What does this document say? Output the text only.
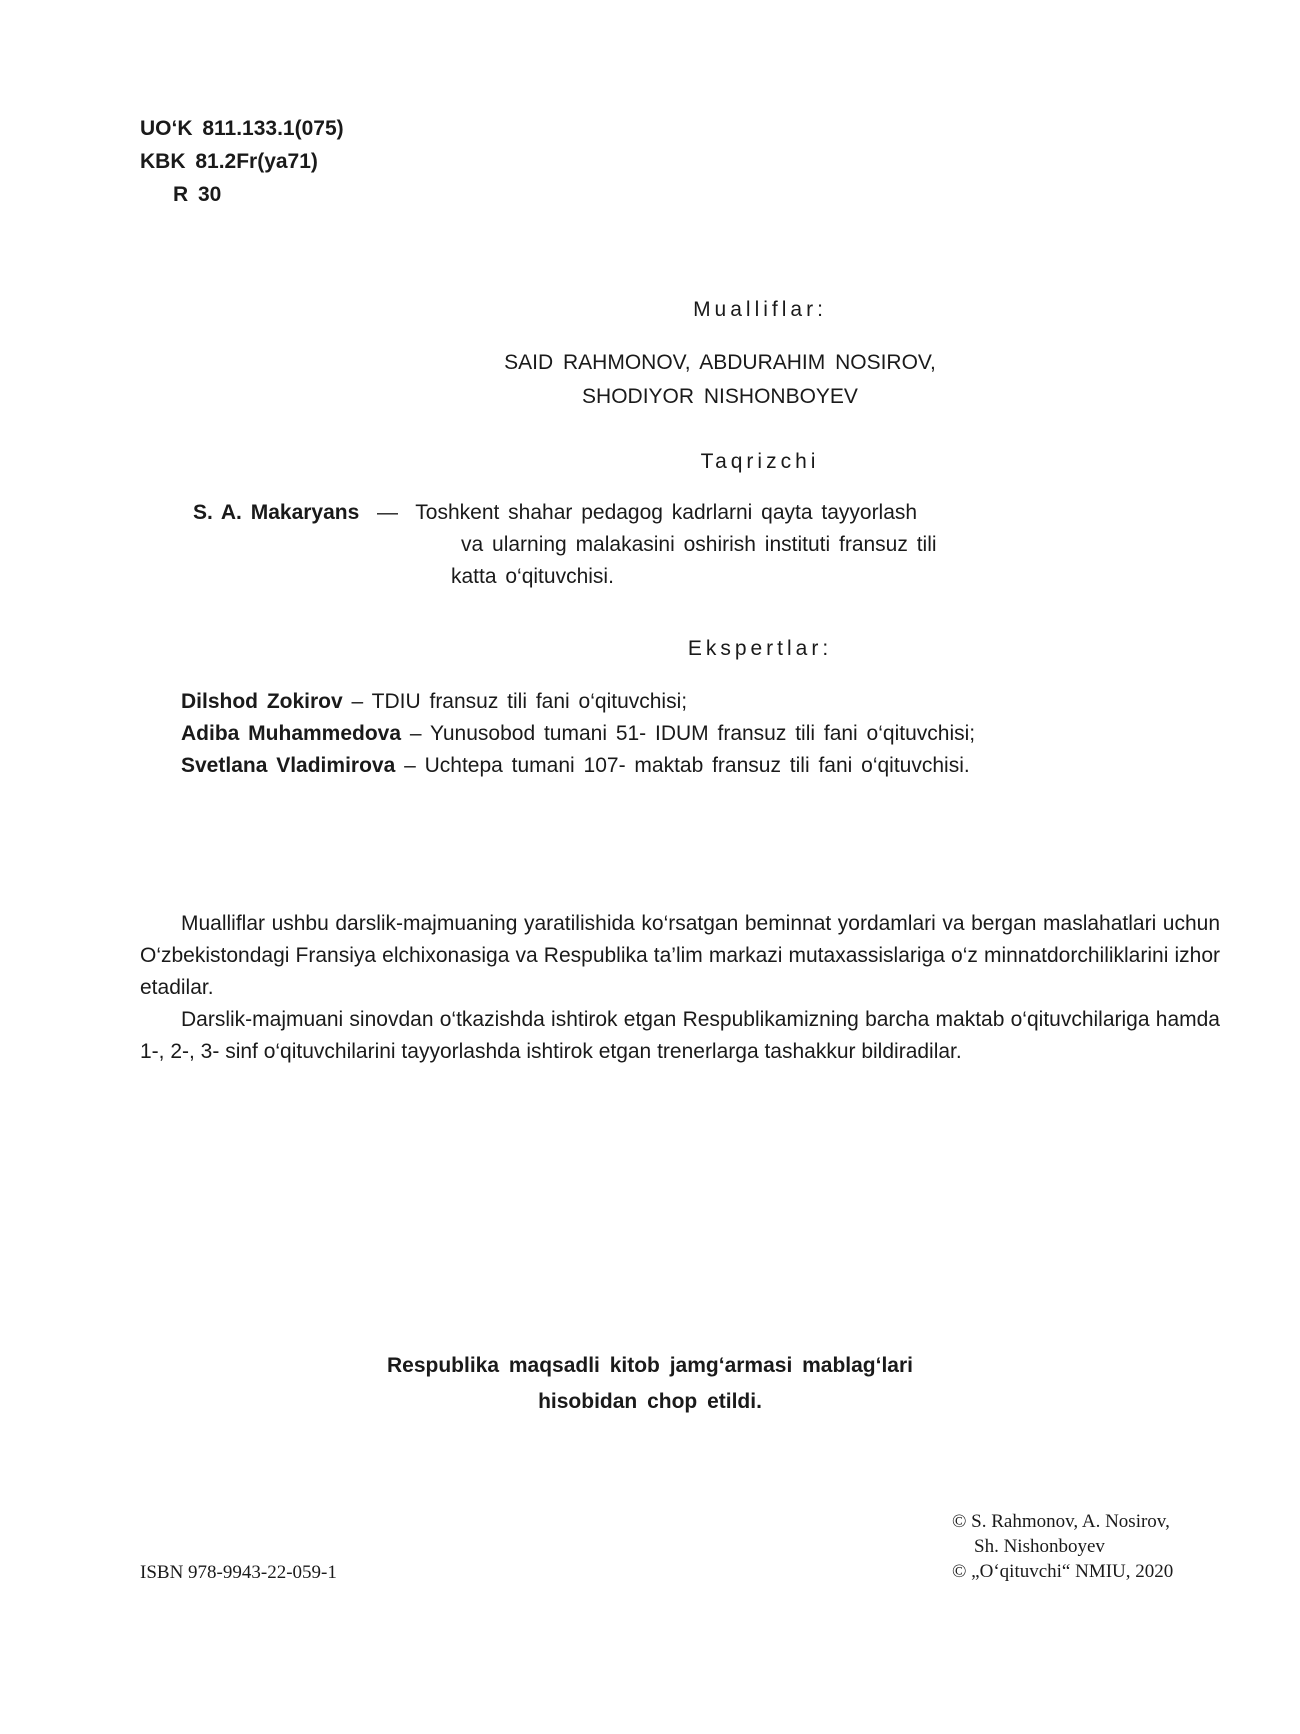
UO‘K 811.133.1(075)
KBK 81.2Fr(ya71)
R 30
Mualliflar:
SAID RAHMONOV, ABDURAHIM NOSIROV,
SHODIYOR NISHONBOYEV
Taqrizchi
S. A. Makaryans — Toshkent shahar pedagog kadrlarni qayta tayyorlash
va ularning malakasini oshirish instituti fransuz tili
katta o‘qituvchisi.
Ekspertlar:
Dilshod Zokirov – TDIU fransuz tili fani o‘qituvchisi;
Adiba Muhammedova – Yunusobod tumani 51- IDUM fransuz tili fani o‘qituvchisi;
Svetlana Vladimirova – Uchtepa tumani 107- maktab fransuz tili fani o‘qituvchisi.

Mualliflar ushbu darslik-majmuaning yaratilishida ko‘rsatgan beminnat yordamlari va bergan maslahatlari uchun O‘zbekistondagi Fransiya elchixonasiga va Respublika ta’lim markazi mutaxassislariga o‘z minnatdorchiliklarini izhor etadilar.

Darslik-majmuani sinovdan o‘tkazishda ishtirok etgan Respublikamizning barcha maktab o‘qituvchilariga hamda 1-, 2-, 3- sinf o‘qituvchilarini tayyorlashda ishtirok etgan trenerlarga tashakkur bildiradilar.

Respublika maqsadli kitob jamg‘armasi mablag‘lari
hisobidan chop etildi.
ISBN 978-9943-22-059-1
© S. Rahmonov, A. Nosirov,
Sh. Nishonboyev
© „O‘qituvchi“ NMIU, 2020
